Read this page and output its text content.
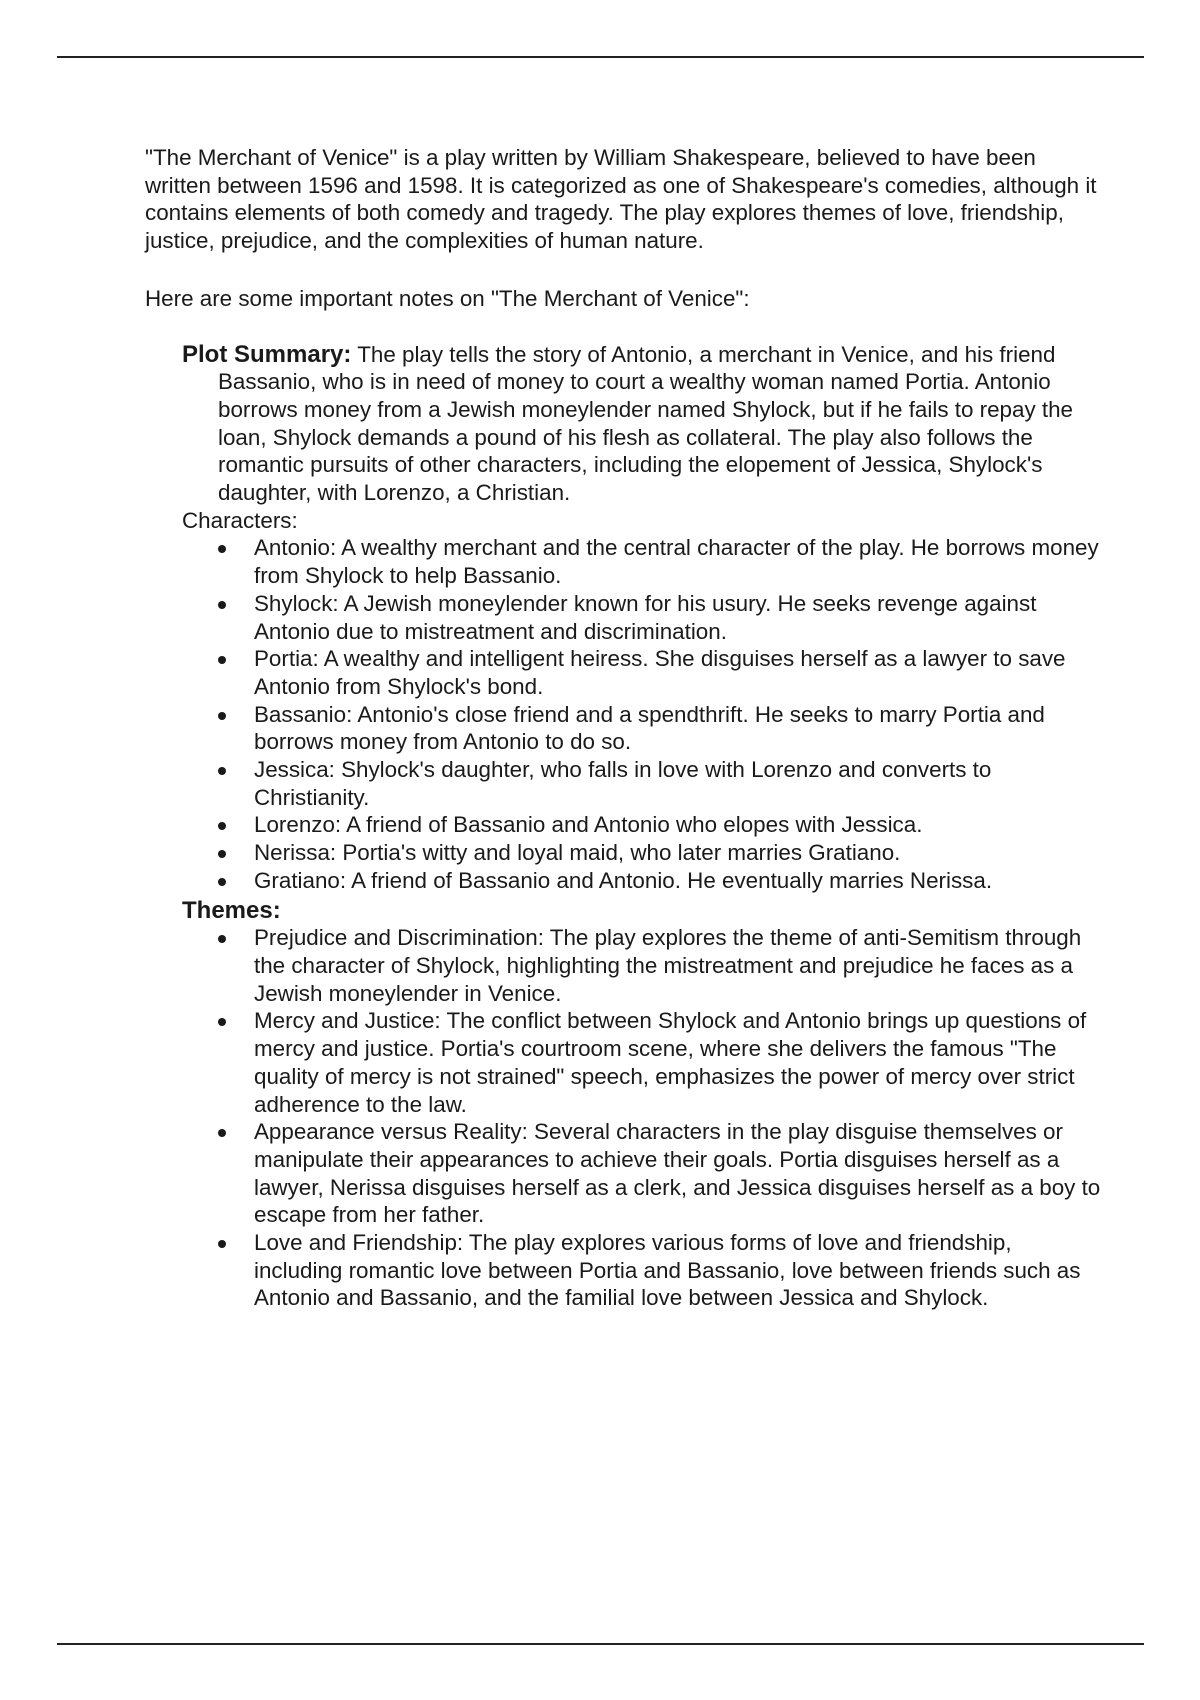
"The Merchant of Venice" is a play written by William Shakespeare, believed to have been written between 1596 and 1598. It is categorized as one of Shakespeare's comedies, although it contains elements of both comedy and tragedy. The play explores themes of love, friendship, justice, prejudice, and the complexities of human nature.

Here are some important notes on "The Merchant of Venice":

Plot Summary: The play tells the story of Antonio, a merchant in Venice, and his friend Bassanio, who is in need of money to court a wealthy woman named Portia. Antonio borrows money from a Jewish moneylender named Shylock, but if he fails to repay the loan, Shylock demands a pound of his flesh as collateral. The play also follows the romantic pursuits of other characters, including the elopement of Jessica, Shylock's daughter, with Lorenzo, a Christian.

Characters:

Antonio: A wealthy merchant and the central character of the play. He borrows money from Shylock to help Bassanio.
Shylock: A Jewish moneylender known for his usury. He seeks revenge against Antonio due to mistreatment and discrimination.
Portia: A wealthy and intelligent heiress. She disguises herself as a lawyer to save Antonio from Shylock's bond.
Bassanio: Antonio's close friend and a spendthrift. He seeks to marry Portia and borrows money from Antonio to do so.
Jessica: Shylock's daughter, who falls in love with Lorenzo and converts to Christianity.
Lorenzo: A friend of Bassanio and Antonio who elopes with Jessica.
Nerissa: Portia's witty and loyal maid, who later marries Gratiano.
Gratiano: A friend of Bassanio and Antonio. He eventually marries Nerissa.

Themes:

Prejudice and Discrimination: The play explores the theme of anti-Semitism through the character of Shylock, highlighting the mistreatment and prejudice he faces as a Jewish moneylender in Venice.
Mercy and Justice: The conflict between Shylock and Antonio brings up questions of mercy and justice. Portia's courtroom scene, where she delivers the famous "The quality of mercy is not strained" speech, emphasizes the power of mercy over strict adherence to the law.
Appearance versus Reality: Several characters in the play disguise themselves or manipulate their appearances to achieve their goals. Portia disguises herself as a lawyer, Nerissa disguises herself as a clerk, and Jessica disguises herself as a boy to escape from her father.
Love and Friendship: The play explores various forms of love and friendship, including romantic love between Portia and Bassanio, love between friends such as Antonio and Bassanio, and the familial love between Jessica and Shylock.
